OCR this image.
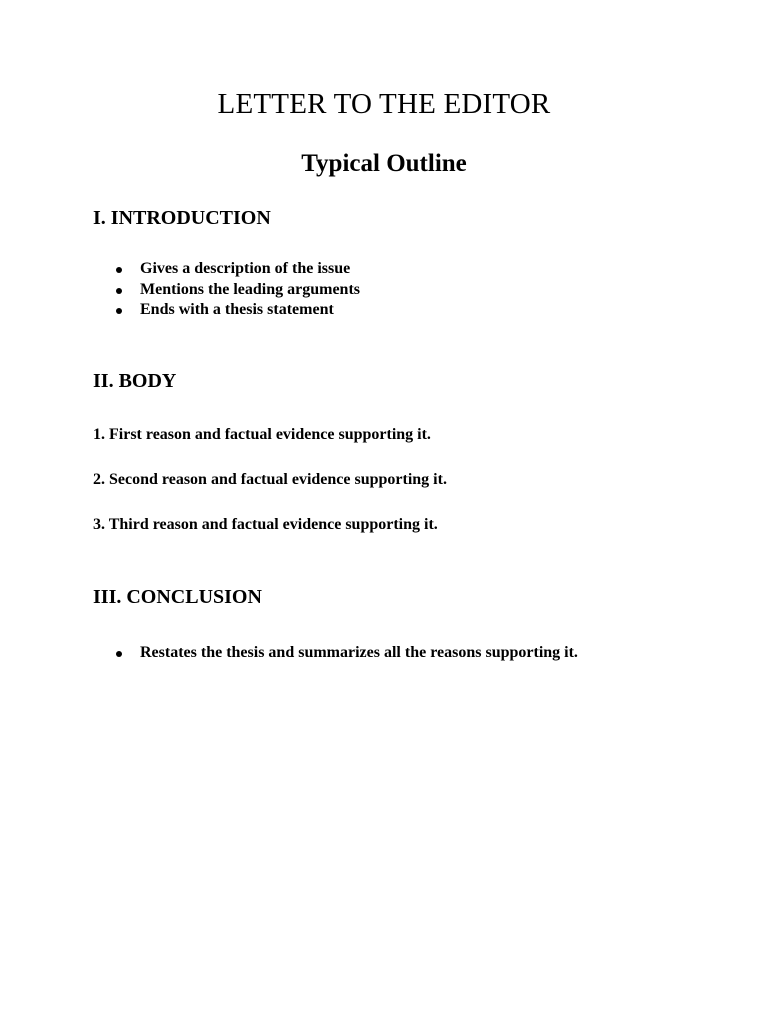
LETTER TO THE EDITOR
Typical Outline
I. INTRODUCTION
Gives a description of the issue
Mentions the leading arguments
Ends with a thesis statement
II. BODY

1. First reason and factual evidence supporting it.

2. Second reason and factual evidence supporting it.

3. Third reason and factual evidence supporting it.

III. CONCLUSION
Restates the thesis and summarizes all the reasons supporting it.
